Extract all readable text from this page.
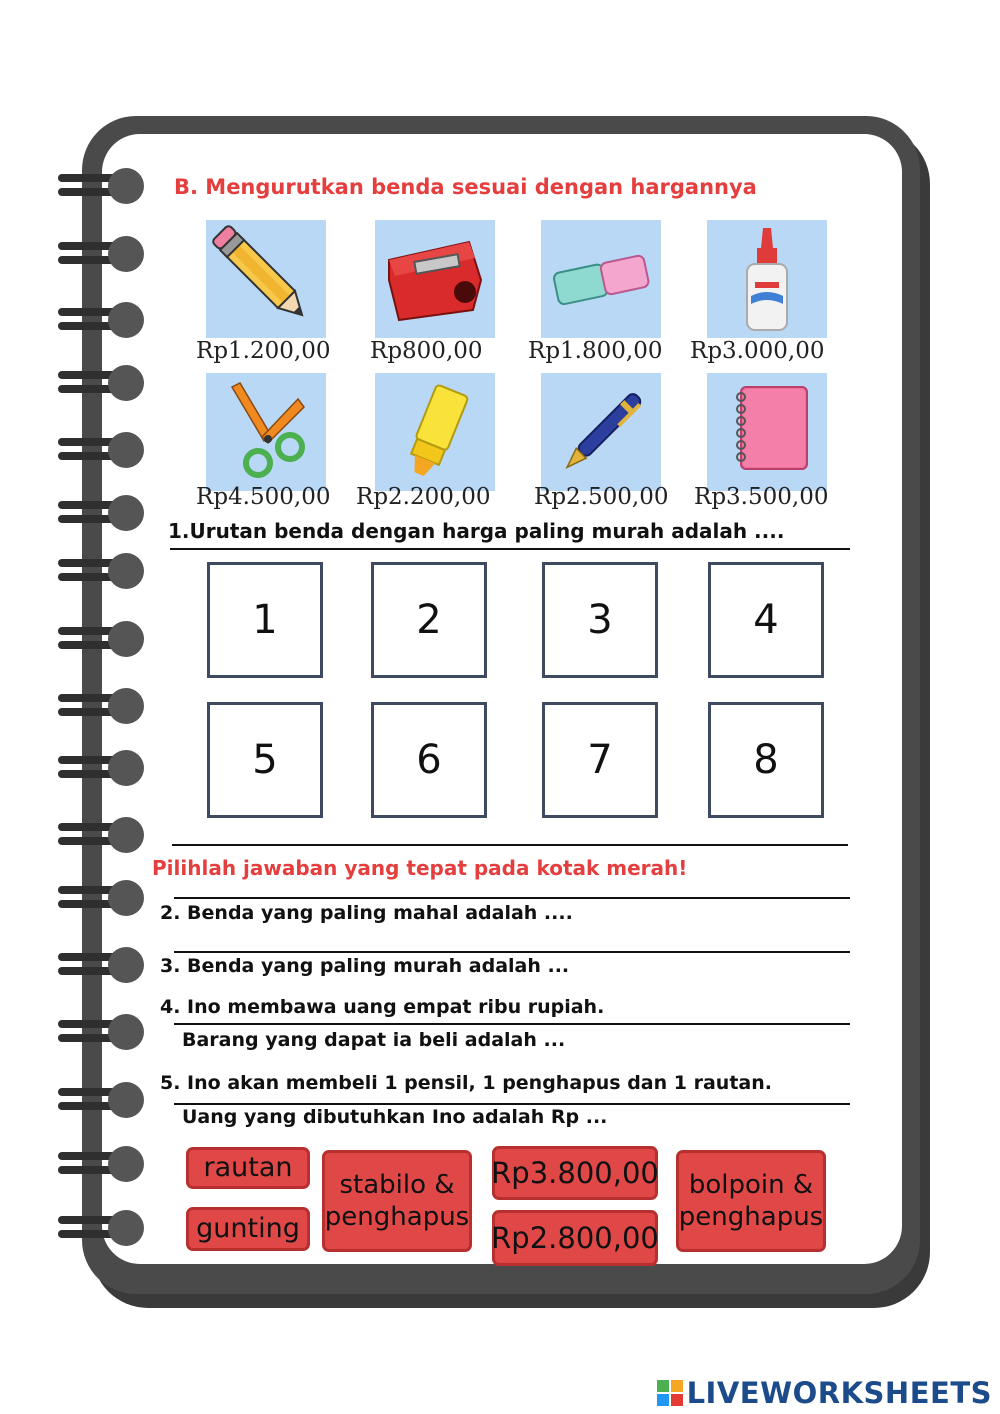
B. Mengurutkan benda sesuai dengan hargannya
Rp1.200,00 Rp800,00 Rp1.800,00 Rp3.000,00
Rp4.500,00 Rp2.200,00 Rp2.500,00 Rp3.500,00
1.Urutan benda dengan harga paling murah adalah ....
1	2	3	4
5	6	7	8
Pilihlah jawaban yang tepat pada kotak merah!
2. Benda yang paling mahal adalah ....
3. Benda yang paling murah adalah ...
4. Ino membawa uang empat ribu rupiah.
Barang yang dapat ia beli adalah ...
5. Ino akan membeli 1 pensil, 1 penghapus dan 1 rautan.
Uang yang dibutuhkan Ino adalah Rp ...
rautan
gunting
stabilo & penghapus
Rp3.800,00
Rp2.800,00
bolpoin & penghapus
LIVEWORKSHEETS
